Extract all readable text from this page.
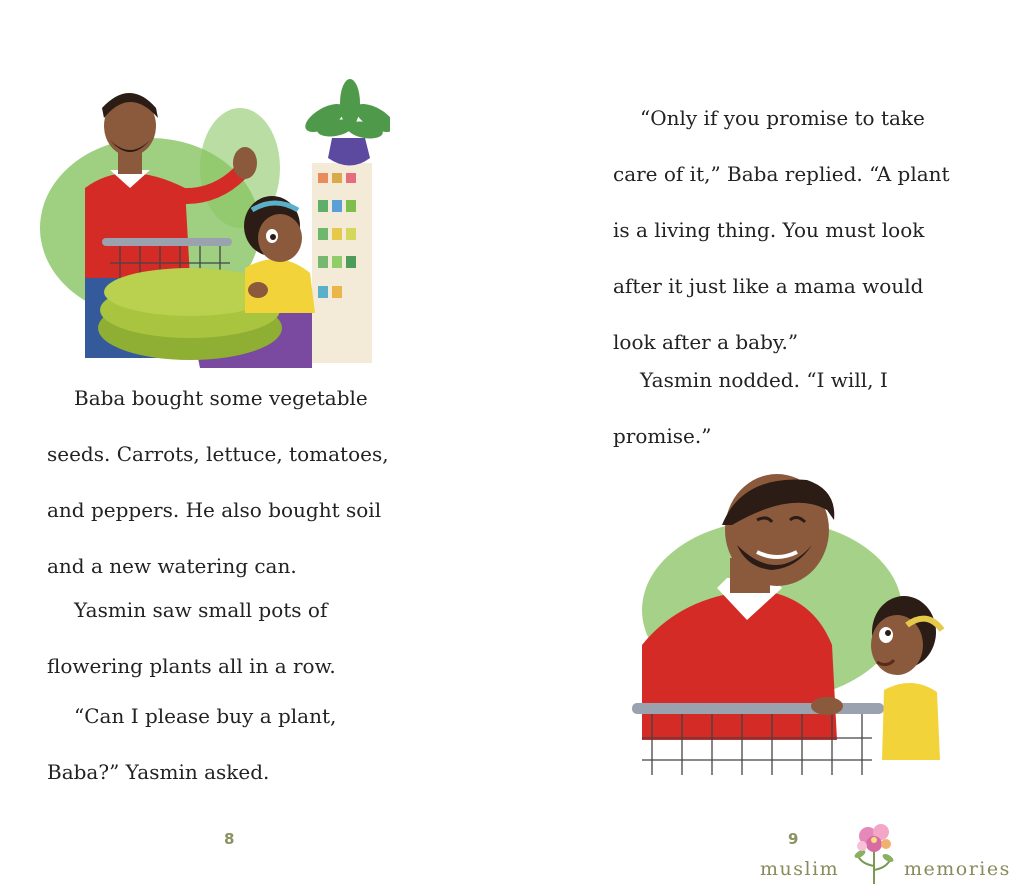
Baba bought some vegetable
seeds. Carrots, lettuce, tomatoes,
and peppers. He also bought soil
and a new watering can.

Yasmin saw small pots of
flowering plants all in a row.

“Can I please buy a plant,
Baba?” Yasmin asked.

8

“Only if you promise to take
care of it,” Baba replied. “A plant
is a living thing. You must look
after it just like a mama would
look after a baby.”

Yasmin nodded. “I will, I
promise.”

9
muslim	memories
